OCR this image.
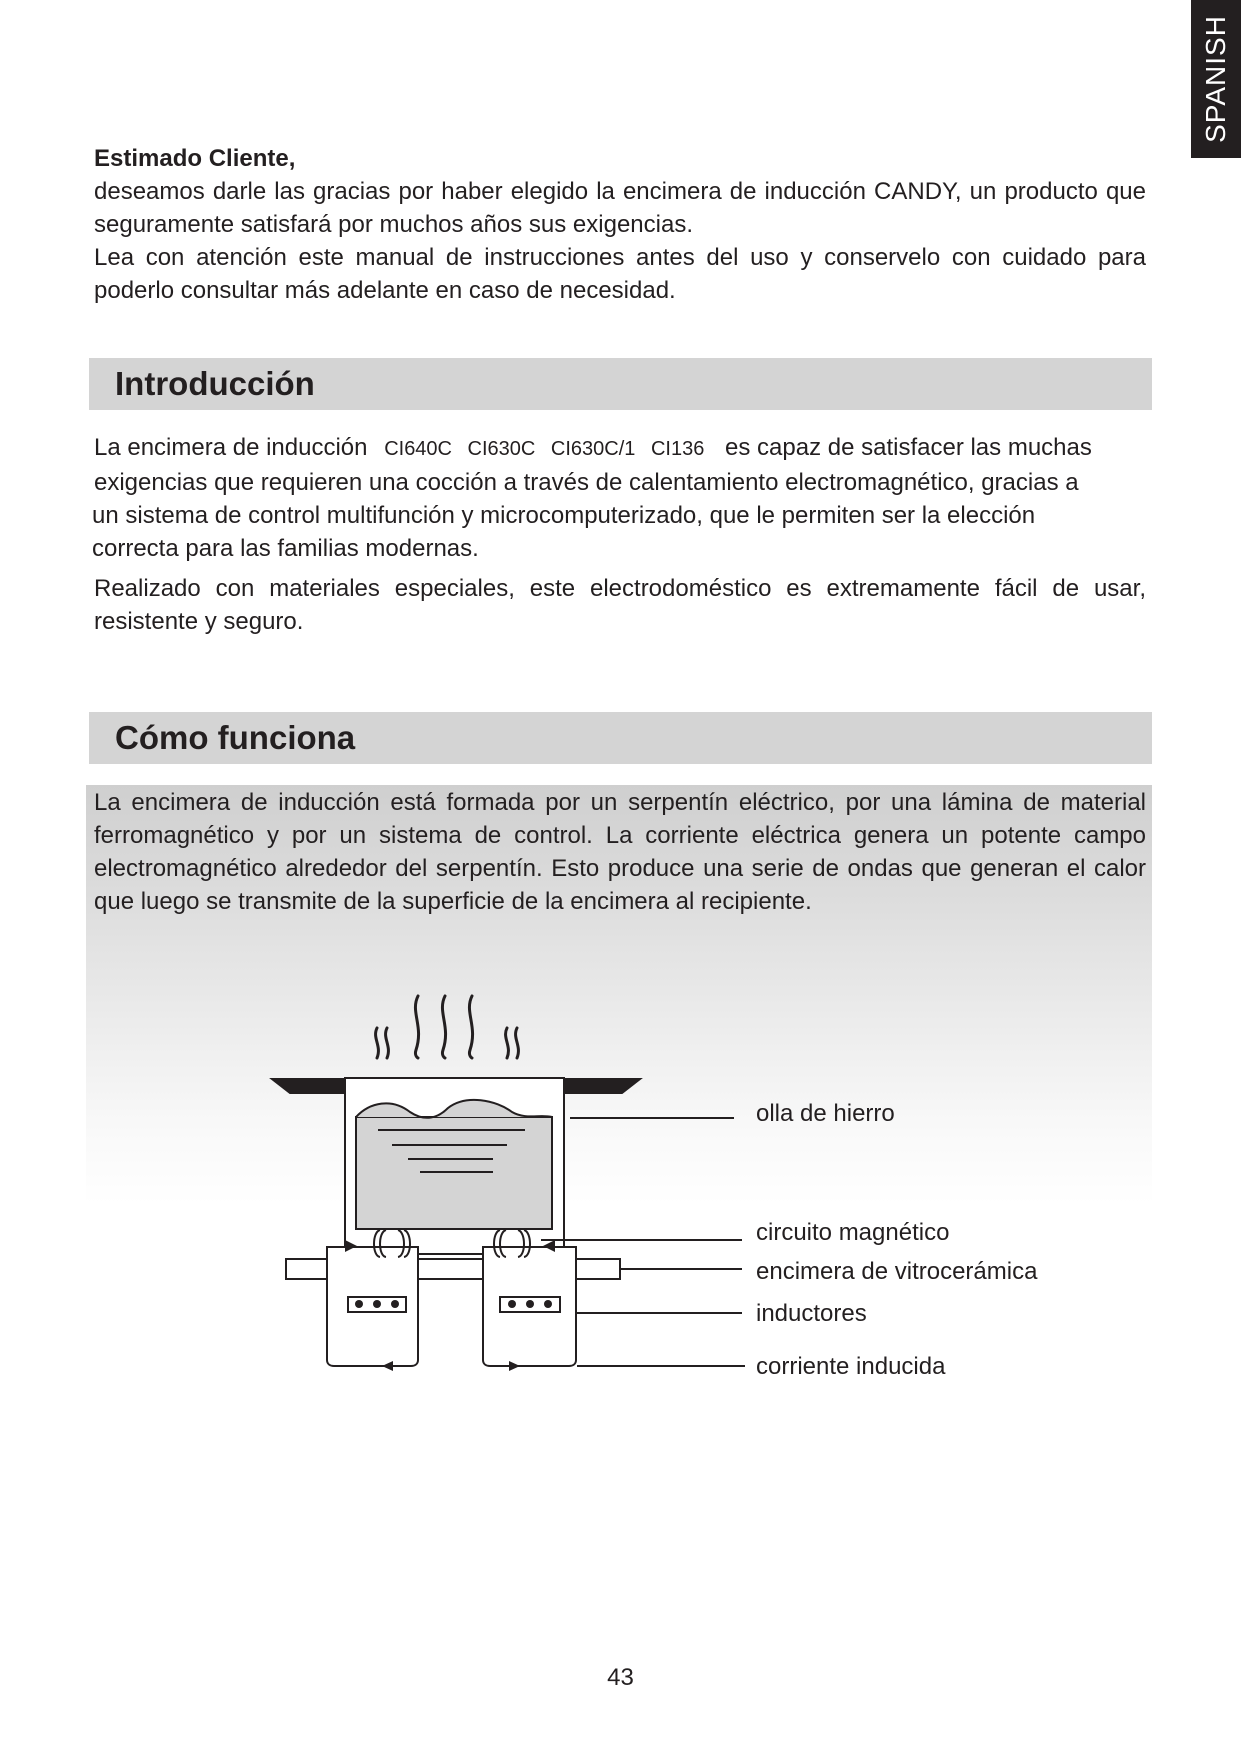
SPANISH
Estimado Cliente,

deseamos darle las gracias por haber elegido la encimera de inducción CANDY, un producto que seguramente satisfará por muchos años sus exigencias.

Lea con atención este manual de instrucciones antes del uso y conservelo con cuidado para poderlo consultar más adelante en caso de necesidad.

Introducción
La encimera de inducción CI640C CI630C CI630C/1 CI136 es capaz de satisfacer las muchas
exigencias que requieren una cocción a través de calentamiento electromagnético, gracias a
un sistema de control multifunción y microcomputerizado, que le permiten ser la elección
correcta para las familias modernas.

Realizado con materiales especiales, este electrodoméstico es extremamente fácil de usar, resistente y seguro.

Cómo funciona

La encimera de inducción está formada por un serpentín eléctrico, por una lámina de material ferromagnético y por un sistema de control. La corriente eléctrica genera un potente campo electromagnético alrededor del serpentín. Esto produce una serie de ondas que generan el calor que luego se transmite de la superficie de la encimera al recipiente.

olla de hierro
circuito magnético
encimera de vitrocerámica
inductores
corriente inducida
43
